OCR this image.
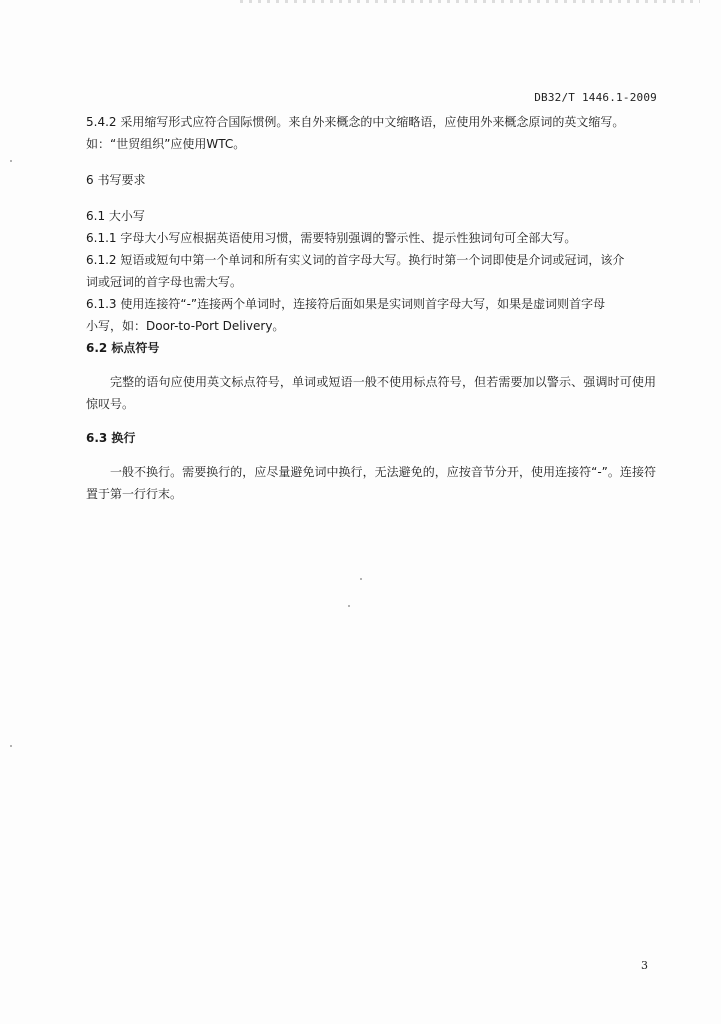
DB32/T 1446.1-2009

5.4.2 采用缩写形式应符合国际惯例。来自外来概念的中文缩略语，应使用外来概念原词的英文缩写。

如：“世贸组织”应使用WTC。

6 书写要求

6.1 大小写

6.1.1 字母大小写应根据英语使用习惯，需要特别强调的警示性、提示性独词句可全部大写。

6.1.2 短语或短句中第一个单词和所有实义词的首字母大写。换行时第一个词即使是介词或冠词，该介

词或冠词的首字母也需大写。

6.1.3 使用连接符“-”连接两个单词时，连接符后面如果是实词则首字母大写，如果是虚词则首字母

小写，如：Door-to-Port Delivery。

6.2 标点符号

完整的语句应使用英文标点符号，单词或短语一般不使用标点符号，但若需要加以警示、强调时可使用惊叹号。

6.3 换行

一般不换行。需要换行的，应尽量避免词中换行，无法避免的，应按音节分开，使用连接符“-”。连接符置于第一行行末。

3
